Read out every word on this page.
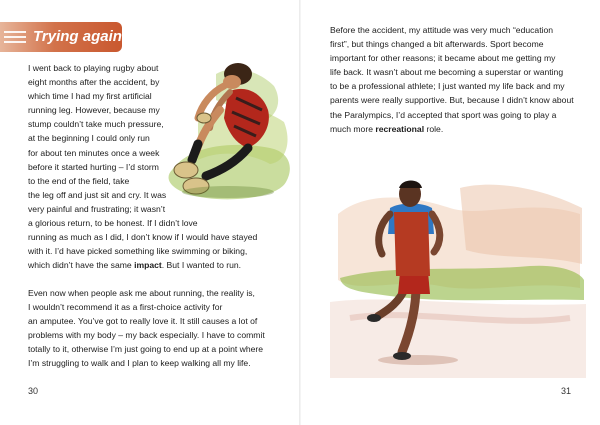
Trying again
I went back to playing rugby about
eight months after the accident, by
which time I had my first artificial
running leg. However, because my
stump couldn’t take much pressure,
at the beginning I could only run
for about ten minutes once a week
before it started hurting – I’d storm
to the end of the field, take
the leg off and just sit and cry. It was
very painful and frustrating; it wasn’t
a glorious return, to be honest. If I didn’t love
running as much as I did, I don’t know if I would have stayed
with it. I’d have picked something like swimming or biking,
which didn’t have the same impact. But I wanted to run.
Even now when people ask me about running, the reality is,
I wouldn’t recommend it as a first-choice activity for
an amputee. You’ve got to really love it. It still causes a lot of
problems with my body – my back especially. I have to commit
totally to it, otherwise I’m just going to end up at a point where
I’m struggling to walk and I plan to keep walking all my life.
30
Before the accident, my attitude was very much “education
first”, but things changed a bit afterwards. Sport become
important for other reasons; it became about me getting my
life back. It wasn’t about me becoming a superstar or wanting
to be a professional athlete; I just wanted my life back and my
parents were really supportive. But, because I didn’t know about
the Paralympics, I’d accepted that sport was going to play a
much more recreational role.
31
